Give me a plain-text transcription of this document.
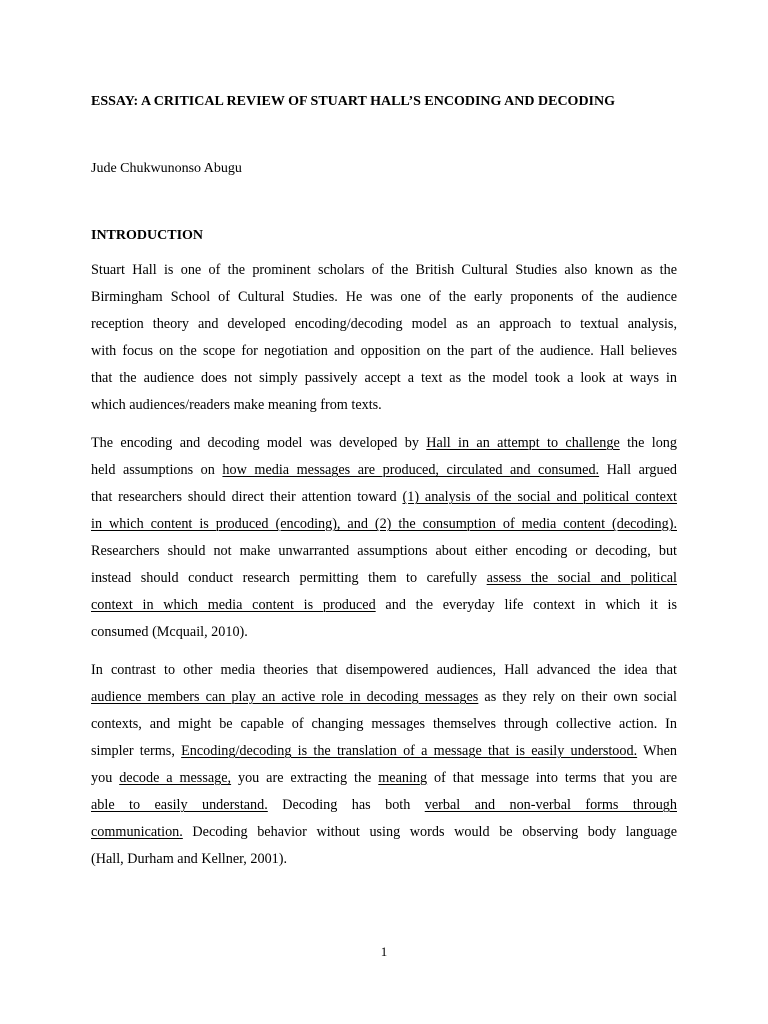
ESSAY: A CRITICAL REVIEW OF STUART HALL’S ENCODING AND DECODING
Jude Chukwunonso Abugu
INTRODUCTION
Stuart Hall is one of the prominent scholars of the British Cultural Studies also known as the
Birmingham School of Cultural Studies. He was one of the early proponents of the audience
reception theory and developed encoding/decoding model as an approach to textual analysis,
with focus on the scope for negotiation and opposition on the part of the audience. Hall believes
that the audience does not simply passively accept a text as the model took a look at ways in
which audiences/readers make meaning from texts.
The encoding and decoding model was developed by Hall in an attempt to challenge the long
held assumptions on how media messages are produced, circulated and consumed. Hall argued
that researchers should direct their attention toward (1) analysis of the social and political context
in which content is produced (encoding), and (2) the consumption of media content (decoding).
Researchers should not make unwarranted assumptions about either encoding or decoding, but
instead should conduct research permitting them to carefully assess the social and political
context in which media content is produced and the everyday life context in which it is
consumed (Mcquail, 2010).
In contrast to other media theories that disempowered audiences, Hall advanced the idea that
audience members can play an active role in decoding messages as they rely on their own social
contexts, and might be capable of changing messages themselves through collective action. In
simpler terms, Encoding/decoding is the translation of a message that is easily understood. When
you decode a message, you are extracting the meaning of that message into terms that you are
able to easily understand. Decoding has both verbal and non-verbal forms through
communication. Decoding behavior without using words would be observing body language
(Hall, Durham and Kellner, 2001).
1
